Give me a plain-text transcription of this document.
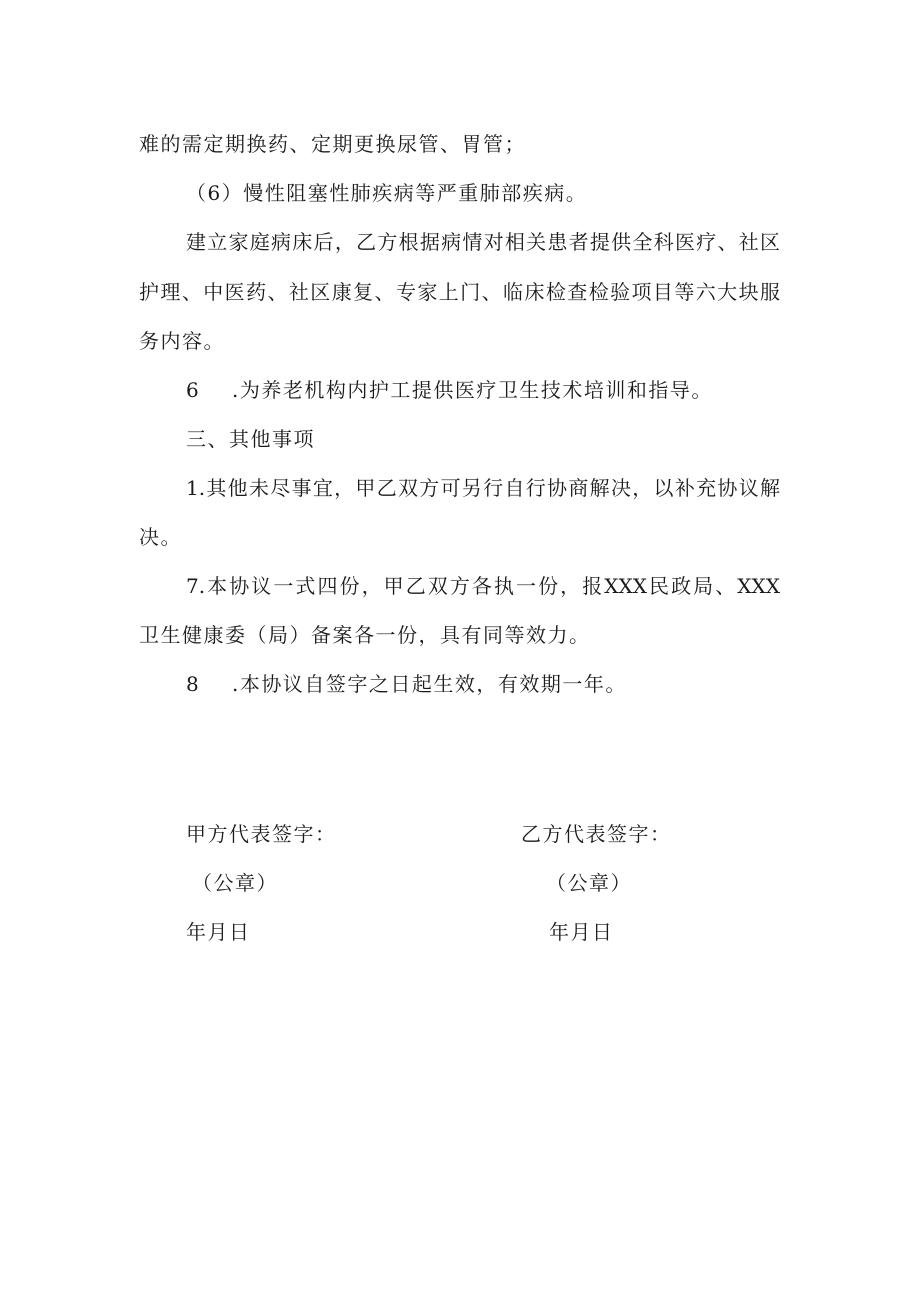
难的需定期换药、定期更换尿管、胃管；
（6）慢性阻塞性肺疾病等严重肺部疾病。
建立家庭病床后，乙方根据病情对相关患者提供全科医疗、社区
护理、中医药、社区康复、专家上门、临床检查检验项目等六大块服
务内容。
6 .为养老机构内护工提供医疗卫生技术培训和指导。
三、其他事项
1.其他未尽事宜，甲乙双方可另行自行协商解决，以补充协议解
决。
7.本协议一式四份，甲乙双方各执一份，报XXX民政局、XXX
卫生健康委（局）备案各一份，具有同等效力。
8 .本协议自签字之日起生效，有效期一年。
甲方代表签字：	乙方代表签字：
（公章）	（公章）
年月日	年月日
